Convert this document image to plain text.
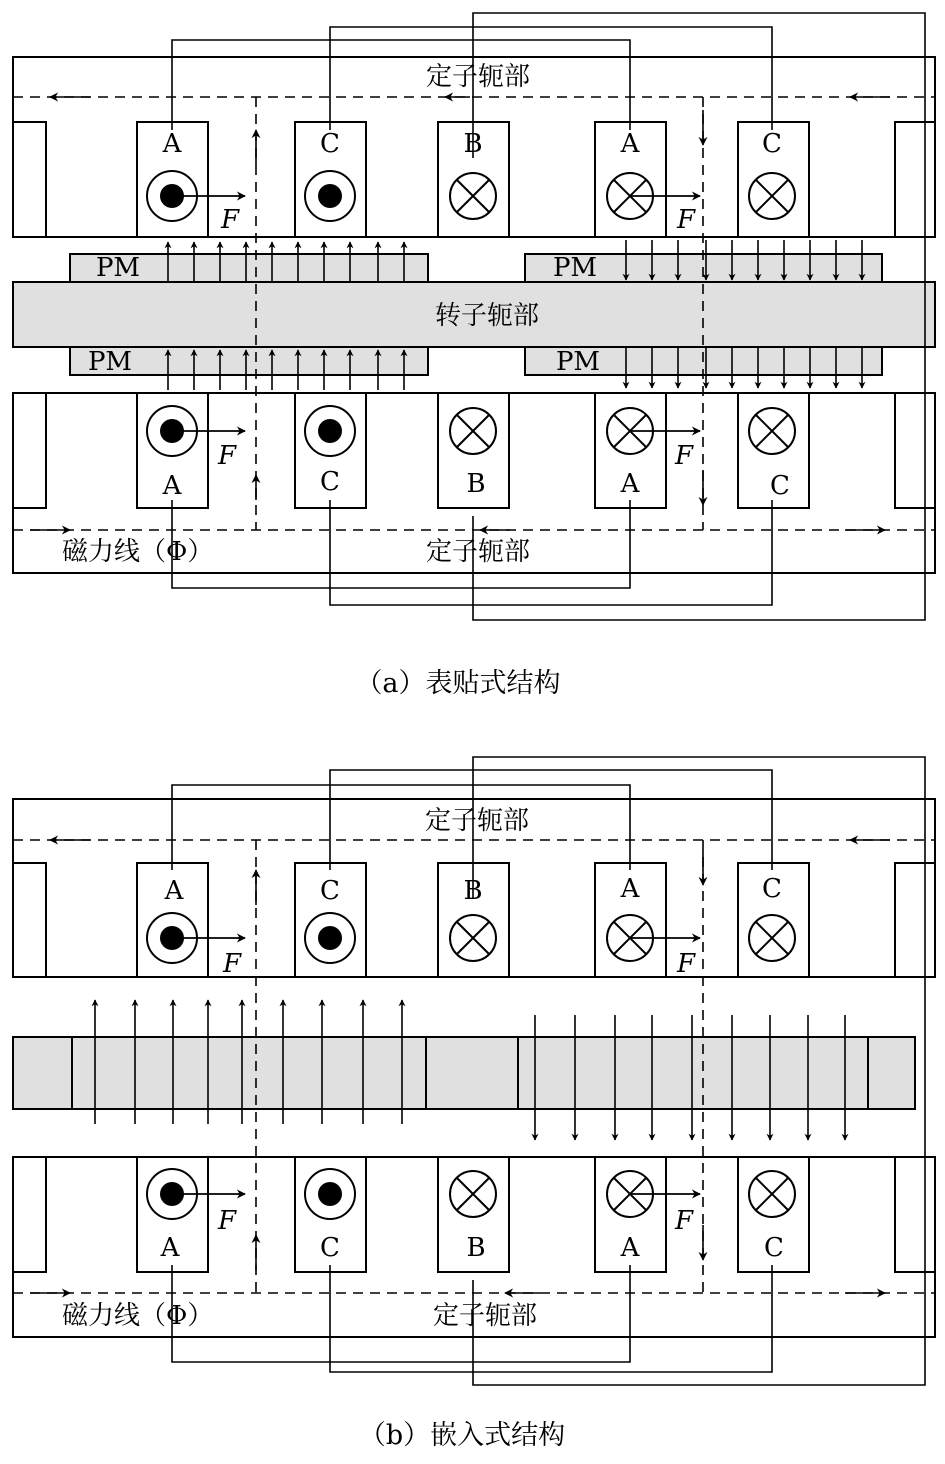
定子轭部
定子轭部
转子轭部
磁力线（Φ）
PM	PM
PM	PM
A	C	B	A	C
A	C	B	A	C
F	F
F	F
（a）表贴式结构
定子轭部
定子轭部
磁力线（Φ）
A	C	B	A	C
A	C	B	A	C
F	F
F	F
（b）嵌入式结构
